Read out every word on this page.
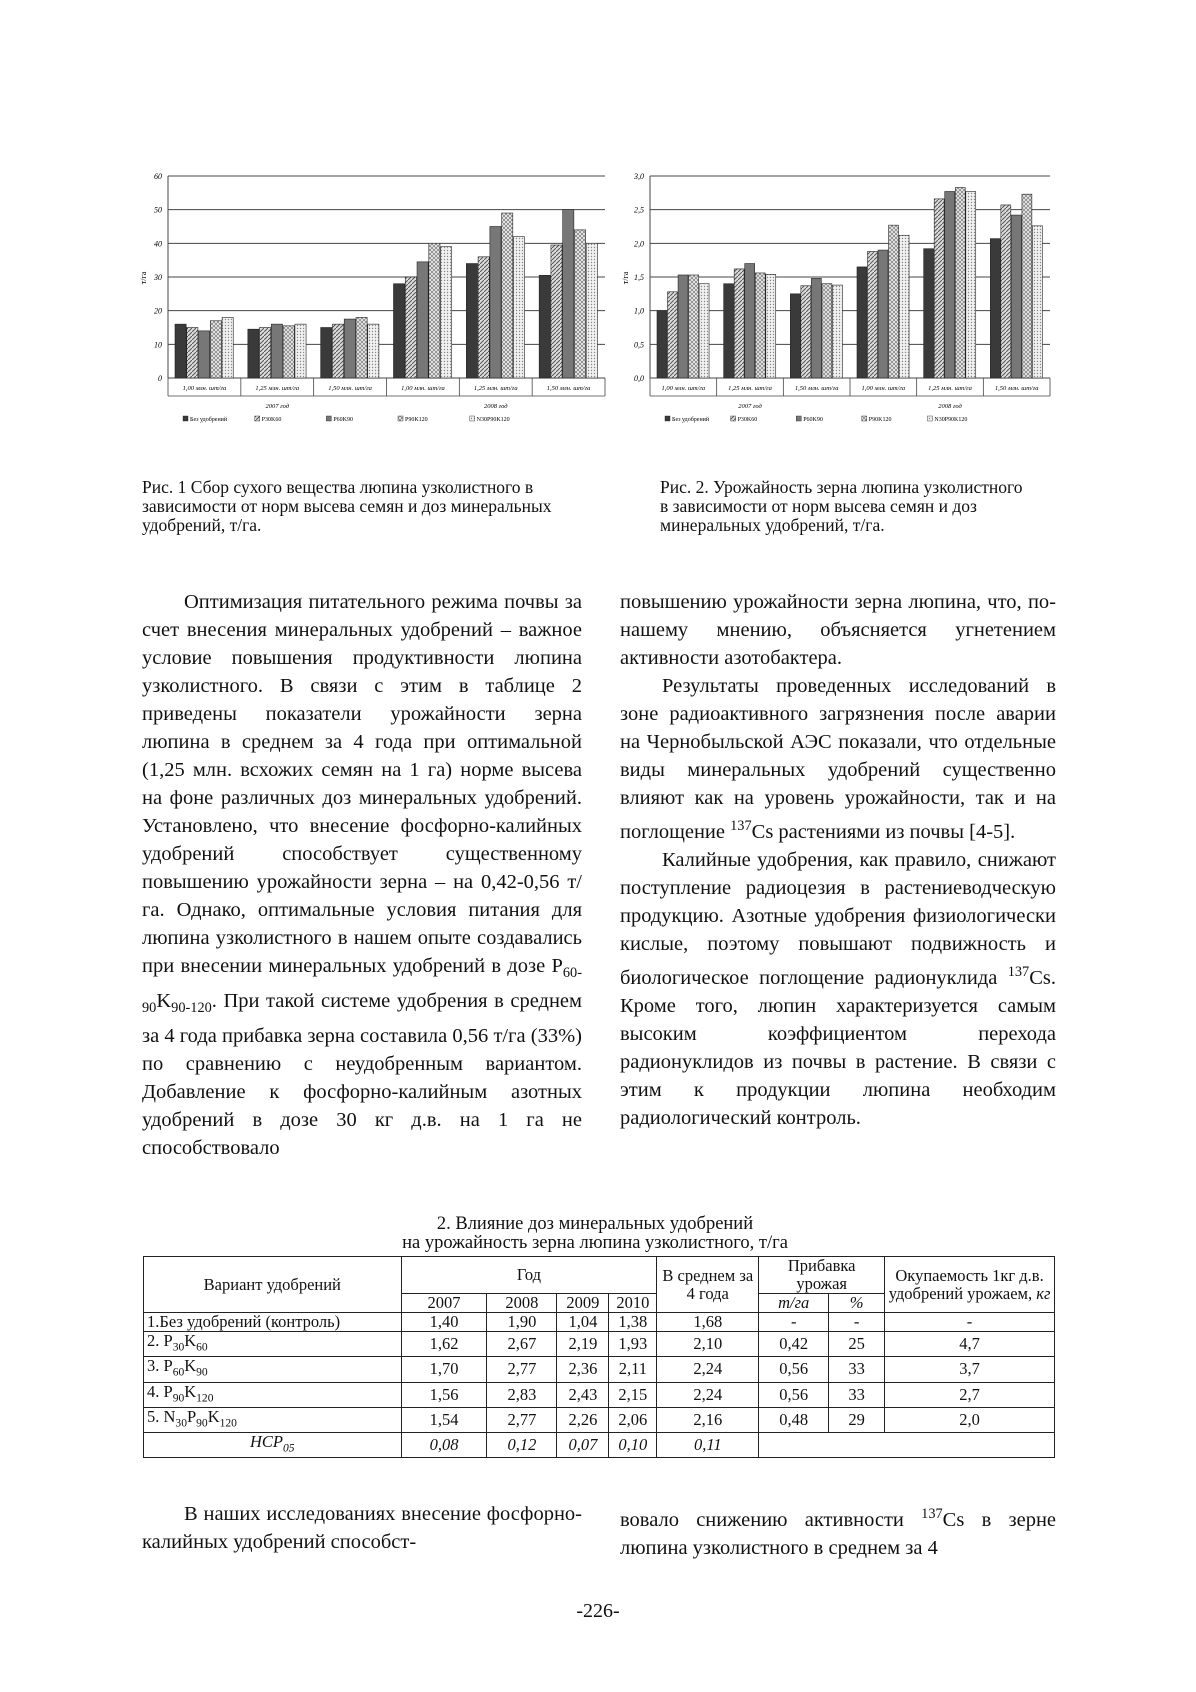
0
10
20
30
40
50
60
т/га
1,00 млн. шт/га	1,25 млн. шт/га	1,50 млн. шт/га	1,00 млн. шт/га	1,25 млн. шт/га	1,50 млн. шт/га
2007 год	2008 год
Без удобрений	P30K60	P60K90	P90K120	N30P90K120
Рис. 1 Сбор сухого вещества люпина узколистного в зависимости от норм высева семян и доз минеральных удобрений, т/га.
0,0
0,5
1,0
1,5
2,0
2,5
3,0
т/га
1,00 млн. шт/га	1,25 млн. шт/га	1,50 млн. шт/га	1,00 млн. шт/га	1,25 млн. шт/га	1,50 млн. шт/га
2007 год	2008 год
Без удобрений	P30K60	P60K90	P90K120	N30P90K120
Рис. 2. Урожайность зерна люпина узколистного в зависимости от норм высева семян и доз минеральных удобрений, т/га.

Оптимизация питательного режима почвы за счет внесения минеральных удобрений – важное условие повышения продуктивности люпина узколистного. В связи с этим в таблице 2 приведены показатели урожайности зерна люпина в среднем за 4 года при оптимальной (1,25 млн. всхожих семян на 1 га) норме высева на фоне различных доз минеральных удобрений. Установлено, что внесение фосфорно-калийных удобрений способствует существенному повышению урожайности зерна – на 0,42-0,56 т/га. Однако, оптимальные условия питания для люпина узколистного в нашем опыте создавались при внесении минеральных удобрений в дозе $P_{60-90}K_{90-120}$. При такой системе удобрения в среднем за 4 года прибавка зерна составила 0,56 т/га (33%) по сравнению с неудобренным вариантом. Добавление к фосфорно-калийным азотных удобрений в дозе 30 кг д.в. на 1 га не способствовало

повышению урожайности зерна люпина, что, по-нашему мнению, объясняется угнетением активности азотобактера.

Результаты проведенных исследований в зоне радиоактивного загрязнения после аварии на Чернобыльской АЭС показали, что отдельные виды минеральных удобрений существенно влияют как на уровень урожайности, так и на поглощение $^{137}$Cs растениями из почвы [4-5].

Калийные удобрения, как правило, снижают поступление радиоцезия в растениеводческую продукцию. Азотные удобрения физиологически кислые, поэтому повышают подвижность и биологическое поглощение радионуклида $^{137}$Cs. Кроме того, люпин характеризуется самым высоким коэффициентом перехода радионуклидов из почвы в растение. В связи с этим к продукции люпина необходим радиологический контроль.

2. Влияние доз минеральных удобрений
на урожайность зерна люпина узколистного, т/га
Вариант удобрений	Год				В среднем за 4 года	Прибавка урожая		Окупаемость 1кг д.в. удобрений урожаем, кг
	2007	2008	2009	2010		т/га	%	
1.Без удобрений (контроль)	1,40	1,90	1,04	1,38	1,68	-	-	-
2. $P_{30}K_{60}$	1,62	2,67	2,19	1,93	2,10	0,42	25	4,7
3. $P_{60}K_{90}$	1,70	2,77	2,36	2,11	2,24	0,56	33	3,7
4. $P_{90}K_{120}$	1,56	2,83	2,43	2,15	2,24	0,56	33	2,7
5. $N_{30}P_{90}K_{120}$	1,54	2,77	2,26	2,06	2,16	0,48	29	2,0
$НСР_{05}$	0,08	0,12	0,07	0,10	0,11			

В наших исследованиях внесение фосфорно-калийных удобрений способст-

вовало снижению активности $^{137}$Cs в зерне люпина узколистного в среднем за 4

-226-
